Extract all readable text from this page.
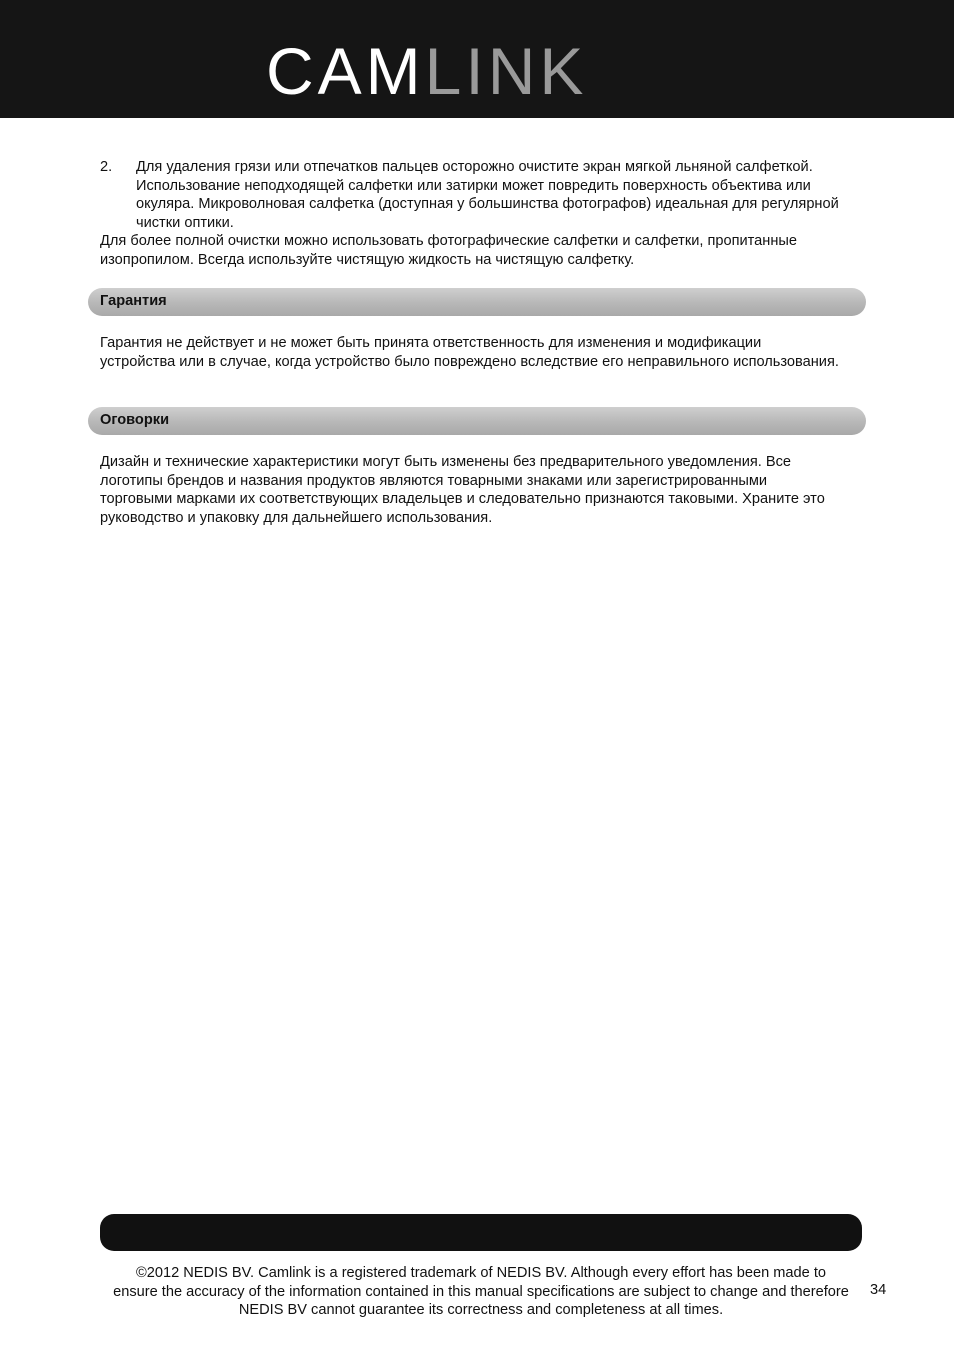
CAMLINK
2. Для удаления грязи или отпечатков пальцев осторожно очистите экран мягкой льняной салфеткой. Использование неподходящей салфетки или затирки может повредить поверхность объектива или окуляра. Микроволновая салфетка (доступная у большинства фотографов) идеальная для регулярной чистки оптики.

Для более полной очистки можно использовать фотографические салфетки и салфетки, пропитанные изопропилом. Всегда используйте чистящую жидкость на чистящую салфетку.

Гарантия

Гарантия не действует и не может быть принята ответственность для изменения и модификации устройства или в случае, когда устройство было повреждено вследствие его неправильного использования.

Оговорки

Дизайн и технические характеристики могут быть изменены без предварительного уведомления. Все логотипы брендов и названия продуктов являются товарными знаками или зарегистрированными торговыми марками их соответствующих владельцев и следовательно признаются таковыми. Храните это руководство и упаковку для дальнейшего использования.

©2012 NEDIS BV. Camlink is a registered trademark of NEDIS BV. Although every effort has been made to ensure the accuracy of the information contained in this manual specifications are subject to change and therefore NEDIS BV cannot guarantee its correctness and completeness at all times.

34
